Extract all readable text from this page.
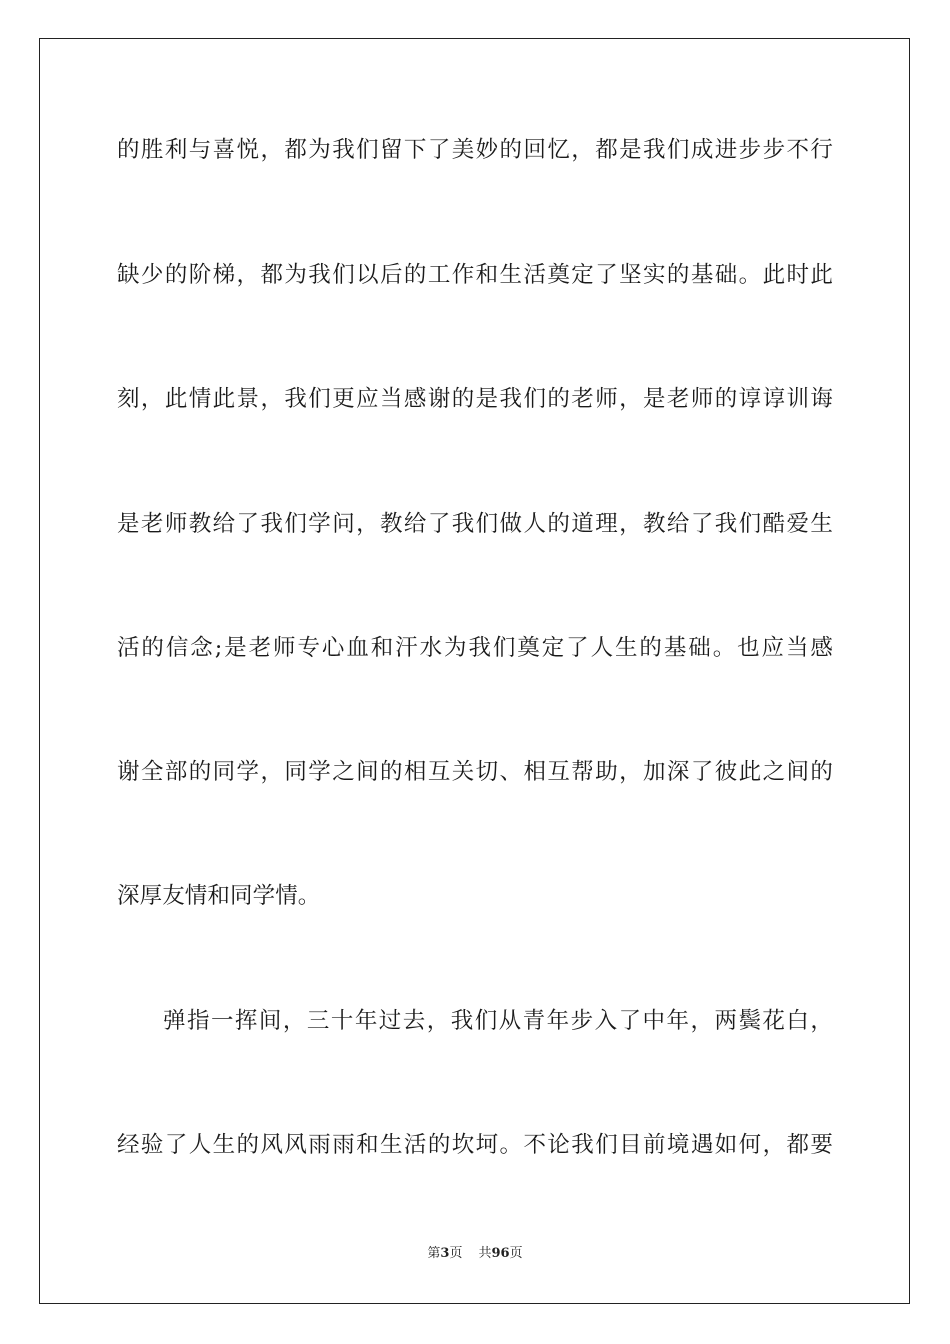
的胜利与喜悦，都为我们留下了美妙的回忆，都是我们成进步步不行
缺少的阶梯，都为我们以后的工作和生活奠定了坚实的基础。此时此
刻，此情此景，我们更应当感谢的是我们的老师，是老师的谆谆训诲
是老师教给了我们学问，教给了我们做人的道理，教给了我们酷爱生
活的信念;是老师专心血和汗水为我们奠定了人生的基础。也应当感
谢全部的同学，同学之间的相互关切、相互帮助，加深了彼此之间的
深厚友情和同学情。
弹指一挥间，三十年过去，我们从青年步入了中年，两鬓花白，
经验了人生的风风雨雨和生活的坎坷。不论我们目前境遇如何，都要
第3页 共96页
